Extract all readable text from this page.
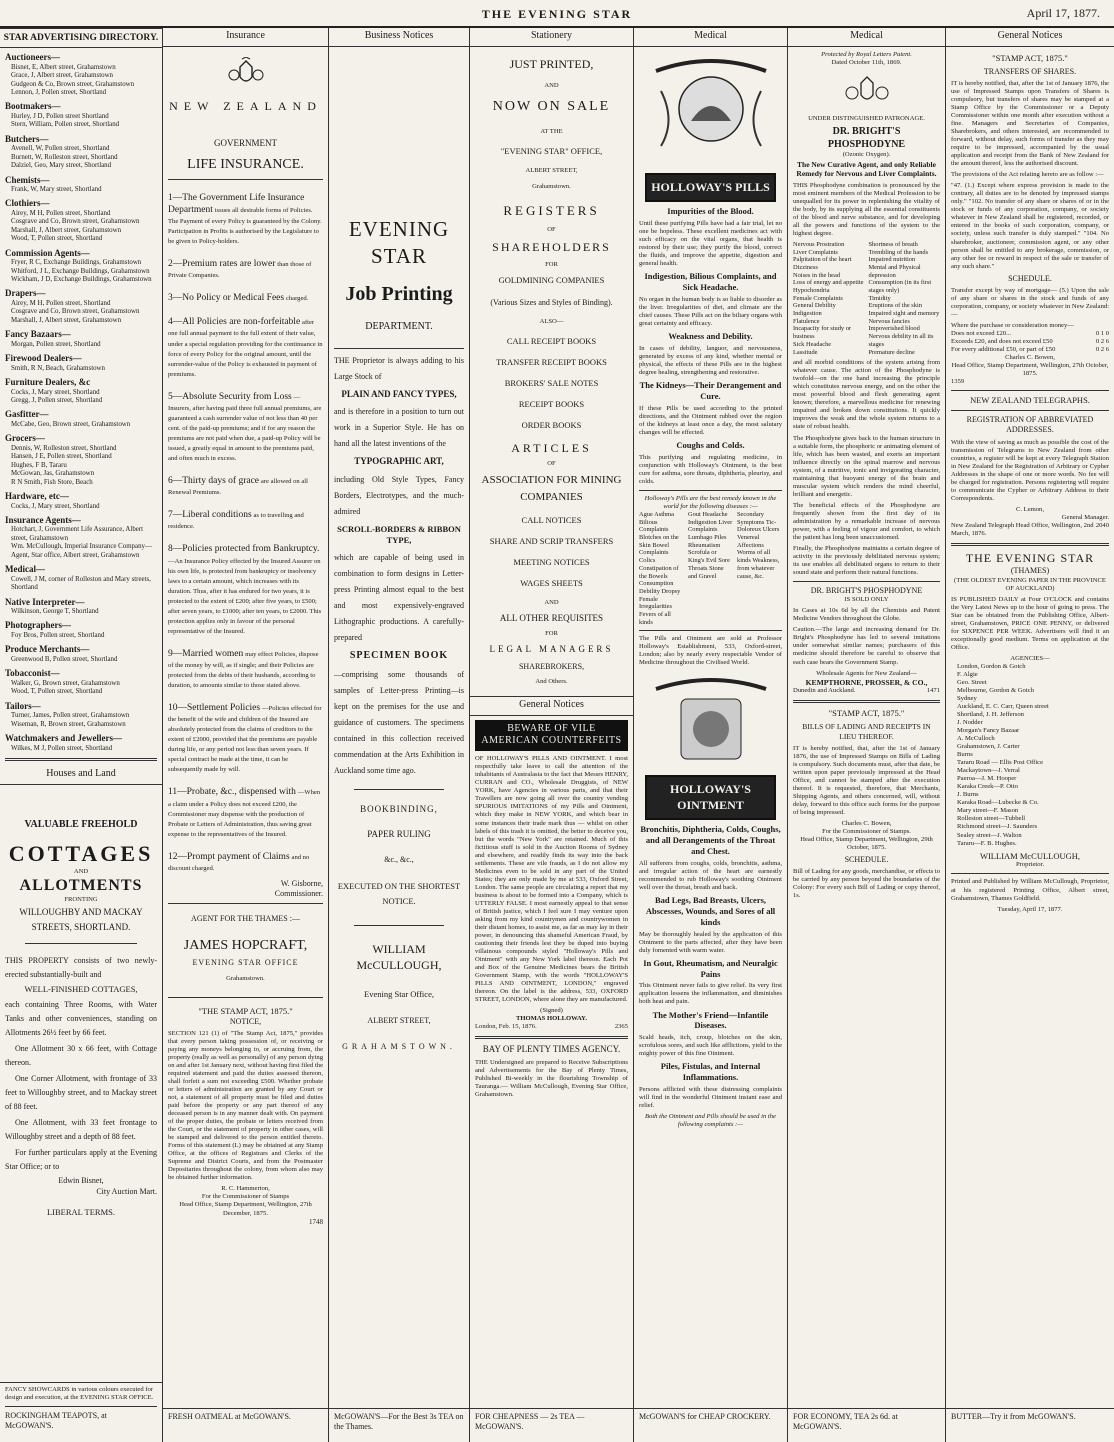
THE EVENING STAR	April 17, 1877.
STAR ADVERTISING DIRECTORY.
Auctioneers—
Bisnet, E, Albert street, Grahamstown
Grace, J, Albert street, Grahamstown
Gudgeon & Co, Brown street, Grahamstown
Lennon, J, Pollen street, Shortland
Bootmakers—
Hurley, J D, Pollen street Shortland
Stern, William, Pollen street, Shortland
Butchers—
Avenell, W, Pollen street, Shortland
Burnett, W, Rolleston street, Shortland
Dalziel, Geo, Mary street, Shortland
Chemists—
Frank, W, Mary street, Shortland
Clothiers—
Airey, M H, Pollen street, Shortland
Cosgrave and Co, Brown street, Grahamstown
Marshall, J, Albert street, Grahamstown
Wood, T, Pollen street, Shortland
Commission Agents—
Fryer, R C, Exchange Buildings, Grahamstown
Whitford, J L, Exchange Buildings, Grahamstown
Wickham, J D, Exchange Buildings, Grahamstown
Drapers—
Airey, M H, Pollen street, Shortland
Cosgrave and Co, Brown street, Grahamstown
Marshall, J, Albert street, Grahamstown
Fancy Bazaars—
Morgan, Pollen street, Shortland
Firewood Dealers—
Smith, R N, Beach, Grahamstown
Furniture Dealers, &c
Cocks, J, Mary street, Shortland
Gregg, J, Pollen street, Shortland
Gasfitter—
McCabe, Geo, Brown street, Grahamstown
Grocers—
Dennis, W, Rolleston street, Shortland
Hansen, J E, Pollen street, Shortland
Hughes, F B, Tararu
McGowan, Jas, Grahamstown
R N Smith, Fish Store, Beach
Hardware, etc—
Cocks, J, Mary street, Shortland
Insurance Agents—
Hotchart, J, Government Life Assurance, Albert street, Grahamstown
Wm. McCullough, Imperial Insurance Company—Agent, Star office, Albert street, Grahamstown
Medical—
Cowell, J M, corner of Rolleston and Mary streets, Shortland
Native Interpreter—
Wilkinson, George T, Shortland
Photographers—
Foy Bros, Pollen street, Shortland
Produce Merchants—
Greenwood B, Pollen street, Shortland
Tobacconist—
Walker, G, Brown street, Grahamstown
Wood, T, Pollen street, Shortland
Tailors—
Turner, James, Pollen street, Grahamstown
Wiseman, R, Brown street, Grahamstown
Watchmakers and Jewellers—
Wilkes, M J, Pollen street, Shortland
Houses and Land
VALUABLE FREEHOLD
COTTAGES
AND
ALLOTMENTS
FRONTING
WILLOUGHBY AND MACKAY
STREETS, SHORTLAND.
THIS PROPERTY consists of two newly-erected substantially-built and
WELL-FINISHED COTTAGES,
each containing Three Rooms, with Water Tanks and other conveniences, standing on Allotments 26½ feet by 66 feet.
One Allotment 30 x 66 feet, with Cottage thereon.
One Corner Allotment, with frontage of 33 feet to Willoughby street, and to Mackay street of 88 feet.
One Allotment, with 33 feet frontage to Willoughby street and a depth of 88 feet.
For further particulars apply at the Evening Star Office; or to
Edwin Bisnet,
City Auction Mart.
LIBERAL TERMS.
FANCY SHOWCARDS in various colours executed for design and execution, at the EVENING STAR OFFICE.
ROCKINGHAM TEAPOTS, at McGOWAN'S.
Insurance
NEW ZEALAND
GOVERNMENT
LIFE INSURANCE.
1—The Government Life Insurance Department issues all desirable forms of Policies. The Payment of every Policy is guaranteed by the Colony. Participation in Profits is authorised by the Legislature to be given to Policy-holders.
2—Premium rates are lower than those of Private Companies.
3—No Policy or Medical Fees charged.
4—All Policies are non-forfeitable after one full annual payment to the full extent of their value, under a special regulation providing for the continuance in force of every Policy for the original amount, until the surrender-value of the Policy is exhausted in payment of premiums.
5—Absolute Security from Loss —Insurers, after having paid three full annual premiums, are guaranteed a cash surrender value of not less than 40 per cent. of the paid-up premiums; and if for any reason the premiums are not paid when due, a paid-up Policy will be issued, a greatly equal in amount to the premiums paid, and often much in excess.
6—Thirty days of grace are allowed on all Renewal Premiums.
7—Liberal conditions as to travelling and residence.
8—Policies protected from Bankruptcy. —An Insurance Policy effected by the Insured Assurer on his own life, is protected from bankruptcy or insolvency laws to a certain amount, which increases with its duration. Thus, after it has endured for two years, it is protected to the extent of £200; after five years, to £500; after seven years, to £1000; after ten years, to £2000. This protection applies only in favour of the personal representative of the Insured.
9—Married women may effect Policies, dispose of the money by will, as if single; and their Policies are protected from the debts of their husbands, according to duration, to amounts similar to those stated above.
10—Settlement Policies —Policies effected for the benefit of the wife and children of the Insured are absolutely protected from the claims of creditors to the extent of £2000, provided that the premiums are payable during life, or any period not less than seven years. If special contract be made at the time, it can be subsequently made by will.
11—Probate, &c., dispensed with —When a claim under a Policy does not exceed £200, the Commissioner may dispense with the production of Probate or Letters of Administration, thus saving great expense to the representatives of the Insured.
12—Prompt payment of Claims and no discount charged.
W. Gisborne,
Commissioner.
AGENT FOR THE THAMES :—
JAMES HOPCRAFT,
EVENING STAR OFFICE
Grahamstown.
"THE STAMP ACT, 1875."
NOTICE,
SECTION 121 (1) of "The Stamp Act, 1875," provides that every person taking possession of, or receiving or paying any moneys belonging to, or accruing from, the property (really as well as personally) of any person dying on and after 1st January next, without having first filed the required statement and paid the duties assessed thereon, shall forfeit a sum not exceeding £500. Whether probate or letters of administration are granted by any Court or not, a statement of all property must be filed and duties paid before the property or any part thereof of any deceased person is in any manner dealt with. On payment of the proper duties, the probate or letters received from the Court, or the statement of property in other cases, will be stamped and delivered to the person entitled thereto. Forms of this statement (L) may be obtained at any Stamp Office, at the offices of Registrars and Clerks of the Supreme and District Courts, and from the Postmaster Depositaries throughout the colony, from whom also may be obtained further information.
R. C. Hammerton,
For the Commissioner of Stamps
Head Office, Stamp Department, Wellington, 27th December, 1875.
1748
FRESH OATMEAL at McGOWAN'S.
Business Notices
EVENING STAR
Job Printing
DEPARTMENT.
THE Proprietor is always adding to his Large Stock of
PLAIN AND FANCY TYPES,
and is therefore in a position to turn out work in a Superior Style. He has on hand all the latest inventions of the
TYPOGRAPHIC ART,
including Old Style Types, Fancy Borders, Electrotypes, and the much-admired
SCROLL-BORDERS & RIBBON TYPE,
which are capable of being used in combination to form designs in Letter-press Printing almost equal to the best and most expensively-engraved Lithographic productions. A carefully-prepared
SPECIMEN BOOK
—comprising some thousands of samples of Letter-press Printing—is kept on the premises for the use and guidance of customers. The specimens contained in this collection received commendation at the Arts Exhibition in Auckland some time ago.
BOOKBINDING,
PAPER RULING
&c., &c.,
EXECUTED ON THE SHORTEST NOTICE.
WILLIAM McCULLOUGH,
Evening Star Office,
ALBERT STREET,
GRAHAMSTOWN.
McGOWAN'S—For the Best 3s TEA on the Thames.
Stationery
JUST PRINTED,
AND
NOW ON SALE
AT THE
"EVENING STAR" OFFICE,
ALBERT STREET,
Grahamstown.
REGISTERS
OF
SHAREHOLDERS
FOR
GOLDMINING COMPANIES
(Various Sizes and Styles of Binding).
ALSO—
CALL RECEIPT BOOKS
TRANSFER RECEIPT BOOKS
BROKERS' SALE NOTES
RECEIPT BOOKS
ORDER BOOKS
ARTICLES
OF
ASSOCIATION FOR MINING COMPANIES
CALL NOTICES
SHARE AND SCRIP TRANSFERS
MEETING NOTICES
WAGES SHEETS
AND
ALL OTHER REQUISITES
FOR
LEGAL MANAGERS
SHAREBROKERS,
And Others.
General Notices
BEWARE OF VILE
AMERICAN COUNTERFEITS
OF HOLLOWAY'S PILLS AND OINTMENT. I most respectfully take leave to call the attention of the inhabitants of Australasia to the fact that Messrs HENRY, CURRAN and CO., Wholesale Druggists, of NEW YORK, have Agencies in various parts, and that their Travellers are now going all over the country vending SPURIOUS IMITATIONS of my Pills and Ointment, which they make in NEW YORK, and which bear in some instances their trade mark thus — whilst on other labels of this trash it is omitted, the better to deceive you, but the words "New York" are retained. Much of this fictitious stuff is sold in the Auction Rooms of Sydney and elsewhere, and readily finds its way into the back settlements. These are vile frauds, as I do not allow my Medicines even to be sold in any part of the United States; they are only made by me at 533, Oxford Street, London. The same people are circulating a report that my business is about to be formed into a Company, which is UTTERLY FALSE. I most earnestly appeal to that sense of British justice, which I feel sure I may venture upon asking from my kind countrymen and countrywomen in their distant homes, to assist me, as far as may lay in their power, in denouncing this shameful American Fraud, by cautioning their friends lest they be duped into buying villainous compounds styled "Holloway's Pills and Ointment" with any New York label thereon. Each Pot and Box of the Genuine Medicines bears the British Government Stamp, with the words "HOLLOWAY'S PILLS AND OINTMENT, LONDON," engraved thereon. On the label is the address, 533, OXFORD STREET, LONDON, where alone they are manufactured.
(Signed)
THOMAS HOLLOWAY.
London, Feb. 15, 1876.	2365
BAY OF PLENTY TIMES AGENCY.
THE Undersigned are prepared to Receive Subscriptions and Advertisements for the Bay of Plenty Times, Published Bi-weekly in the flourishing Township of Tauranga.— William McCullough, Evening Star Office, Grahamstown.
FOR CHEAPNESS — 2s TEA — McGOWAN'S.
Medical
HOLLOWAY'S PILLS
Impurities of the Blood.
Until these purifying Pills have had a fair trial, let no one be hopeless. These excellent medicines act with such efficacy on the vital organs, that health is restored by their use; they purify the blood, correct the fluids, and improve the appetite, digestion and general health.
Indigestion, Bilious Complaints, and Sick Headache.
No organ in the human body is so liable to disorder as the liver. Irregularities of diet, and climate are the chief causes. These Pills act on the biliary organs with great certainty and efficacy.
Weakness and Debility.
In cases of debility, languor, and nervousness, generated by excess of any kind, whether mental or physical, the effects of these Pills are in the highest degree healing, strengthening and restorative.
The Kidneys—Their Derangement and Cure.
If these Pills be used according to the printed directions, and the Ointment rubbed over the region of the kidneys at least once a day, the most salutary changes will be effected.
Coughs and Colds.
This purifying and regulating medicine, in conjunction with Holloway's Ointment, is the best cure for asthma, sore throats, diphtheria, pleurisy, and colds.
Holloway's Pills are the best remedy known in the world for the following diseases :—
Ague Asthma Bilious Complaints Blotches on the Skin Bowel Complaints Colics Constipation of the Bowels Consumption Debility Dropsy Female Irregularities Fevers of all kinds
Gout Headache Indigestion Liver Complaints Lumbago Piles Rheumatism Scrofula or King's Evil Sore Throats Stone and Gravel
Secondary Symptoms Tic-Doloreux Ulcers Venereal Affections Worms of all kinds Weakness, from whatever cause, &c.
The Pills and Ointment are sold at Professor Holloway's Establishment, 533, Oxford-street, London; also by nearly every respectable Vendor of Medicine throughout the Civilised World.
HOLLOWAY'S OINTMENT
Bronchitis, Diphtheria, Colds, Coughs, and all Derangements of the Throat and Chest.
All sufferers from coughs, colds, bronchitis, asthma, and irregular action of the heart are earnestly recommended to rub Holloway's soothing Ointment well over the throat, breath and back.
Bad Legs, Bad Breasts, Ulcers, Abscesses, Wounds, and Sores of all kinds
May be thoroughly healed by the application of this Ointment to the parts affected, after they have been duly fomented with warm water.
In Gout, Rheumatism, and Neuralgic Pains
This Ointment never fails to give relief. Its very first application lessens the inflammation, and diminishes both heat and pain.
The Mother's Friend—Infantile Diseases.
Scald heads, itch, croup, blotches on the skin, scrofulous sores, and such like afflictions, yield to the mighty power of this fine Ointment.
Piles, Fistulas, and Internal Inflammations.
Persons afflicted with these distressing complaints will find in the wonderful Ointment instant ease and relief.
Both the Ointment and Pills should be used in the following complaints :—
McGOWAN'S for CHEAP CROCKERY.
Medical
Protected by Royal Letters Patent.
Dated October 11th, 1869.
UNDER DISTINGUISHED PATRONAGE.
DR. BRIGHT'S PHOSPHODYNE
(Ozonic Oxygen).
The New Curative Agent, and only Reliable Remedy for Nervous and Liver Complaints.
THIS Phosphodyne combination is pronounced by the most eminent members of the Medical Profession to be unequalled for its power in replenishing the vitality of the body, by its supplying all the essential constituents of the blood and nerve substance, and for developing all the powers and functions of the system to the highest degree.
Nervous Prostration
Liver Complaints
Palpitation of the heart
Dizziness
Noises in the head
Loss of energy and appetite
Hypochondria
Female Complaints
General Debility
Indigestion
Flatulence
Incapacity for study or business
Sick Headache
Lassitude
Shortness of breath
Trembling of the hands
Impaired nutrition
Mental and Physical depression
Consumption (in its first stages only)
Timidity
Eruptions of the skin
Impaired sight and memory
Nervous fancies
Impoverished blood
Nervous debility in all its stages
Premature decline
and all morbid conditions of the system arising from whatever cause. The action of the Phosphodyne is twofold—on the one hand increasing the principle which constitutes nervous energy, and on the other the most powerful blood and flesh generating agent known; therefore, a marvellous medicine for renewing impaired and broken down constitutions. It quickly improves the weak and the whole system returns to a state of robust health.
The Phosphodyne gives back to the human structure in a suitable form, the phosphoric or animating element of life, which has been wasted, and exerts an important influence directly on the spinal marrow and nervous system, of a nutritive, tonic and invigorating character, maintaining that buoyant energy of the brain and muscular system which renders the mind cheerful, brilliant and energetic.
The beneficial effects of the Phosphodyne are frequently shown from the first day of its administration by a remarkable increase of nervous power, with a feeling of vigour and comfort, to which the patient has long been unaccustomed.
Finally, the Phosphodyne maintains a certain degree of activity in the previously debilitated nervous system; its use enables all debilitated organs to return to their sound state and perform their natural functions.
DR. BRIGHT'S PHOSPHODYNE
IS SOLD ONLY
In Cases at 10s 6d by all the Chemists and Patent Medicine Vendors throughout the Globe.
Caution.—The large and increasing demand for Dr. Bright's Phosphodyne has led to several imitations under somewhat similar names; purchasers of this medicine should therefore be careful to observe that each case bears the Government Stamp.
Wholesale Agents for New Zealand—
KEMPTHORNE, PROSSER, & CO.,
Dunedin and Auckland.	1471
"STAMP ACT, 1875."
BILLS OF LADING AND RECEIPTS IN LIEU THEREOF.
IT is hereby notified, that, after the 1st of January 1876, the use of Impressed Stamps on Bills of Lading is compulsory. Such documents must, after that date, be written upon paper previously impressed at the Head Office, and cannot be stamped after the execution thereof. It is requested, therefore, that Merchants, Shipping Agents, and others concerned, will, without delay, forward to this office such forms for the purpose of being impressed.
Charles C. Bowen,
For the Commissioner of Stamps.
Head Office, Stamp Department, Wellington, 29th October, 1875.
SCHEDULE.
Bill of Lading for any goods, merchandise, or effects to be carried by any person beyond the boundaries of the Colony: For every such Bill of Lading or copy thereof, 1s.
FOR ECONOMY, TEA 2s 6d. at McGOWAN'S.
General Notices
"STAMP ACT, 1875."
TRANSFERS OF SHARES.
IT is hereby notified, that, after the 1st of January 1876, the use of Impressed Stamps upon Transfers of Shares is compulsory, but transfers of shares may be stamped at a Stamp Office by the Commissioner or a Deputy Commissioner within one month after execution without a fine. Managers and Secretaries of Companies, Sharebrokers, and others interested, are recommended to forward, without delay, such forms of transfer as they may require to be impressed, accompanied by the usual application and receipt from the Bank of New Zealand for the amount thereof, less the authorised discount.
The provisions of the Act relating hereto are as follow :—
"47. (1.) Except where express provision is made to the contrary, all duties are to be denoted by impressed stamps only." "102. No transfer of any share or shares of or in the stock or funds of any corporation, company, or society whatever in New Zealand shall be registered, recorded, or entered in the books of such corporation, company, or society, unless such transfer is duly stamped." "104. No sharebroker, auctioneer, commission agent, or any other person shall be entitled to any brokerage, commission, or any other fee or reward in respect of the sale or transfer of any such share."
SCHEDULE.
Transfer except by way of mortgage— (5.) Upon the sale of any share or shares in the stock and funds of any corporation, company, or society whatever in New Zealand:—
Where the purchase or consideration money—
Does not exceed £20...	0 1 0
Exceeds £20, and does not exceed £50	0 2 6
For every additional £50, or part of £50	0 2 6
Charles C. Bowen,
Head Office, Stamp Department, Wellington, 27th October, 1875.
1359
NEW ZEALAND TELEGRAPHS.
REGISTRATION OF ABBREVIATED ADDRESSES.
With the view of saving as much as possible the cost of the transmission of Telegrams to New Zealand from other countries, a register will be kept at every Telegraph Station in New Zealand for the Registration of Arbitrary or Cypher Addresses in the shape of one or more words. No fee will be charged for registration. Persons registering will require to communicate the Cypher or Arbitrary Address to their Correspondents.
C. Lemon,
General Manager.
New Zealand Telegraph Head Office, Wellington, 2nd March, 1876.
2040
THE EVENING STAR
(THAMES)
(THE OLDEST EVENING PAPER IN THE PROVINCE OF AUCKLAND)
IS PUBLISHED DAILY at Four O'CLOCK and contains the Very Latest News up to the hour of going to press. The Star can be obtained from the Publishing Office, Albert-street, Grahamstown, PRICE ONE PENNY, or delivered for SIXPENCE PER WEEK. Advertisers will find it an exceptionally good medium. Terms on application at the Office.
AGENCIES—
London, Gordon & Gotch
F. Algie
Geo. Street
Melbourne, Gordon & Gotch
Sydney
Auckland, E. C. Carr, Queen street
Shortland, J. H. Jefferson
J. Nodder
Morgan's Fancy Bazaar
A. McCulloch
Grahamstown, J. Carter
Burns
Tararu Road — Ellis Post Office
Mackaytown—J. Verral
Paeroa—J. M. Hooper
Karaka Creek—P. Otto
J. Burns
Karaka Road—Lubecke & Co.
Mary street—F. Mason
Rolleston street—Tubbell
Richmond street—J. Saunders
Sealey street—J. Walton
Tararu—F. B. Hughes.
WILLIAM McCULLOUGH,
Proprietor.
Printed and Published by William McCullough, Proprietor, at his registered Printing Office, Albert street, Grahamstown, Thames Goldfield.
Tuesday, April 17, 1877.
BUTTER—Try it from McGOWAN'S.
